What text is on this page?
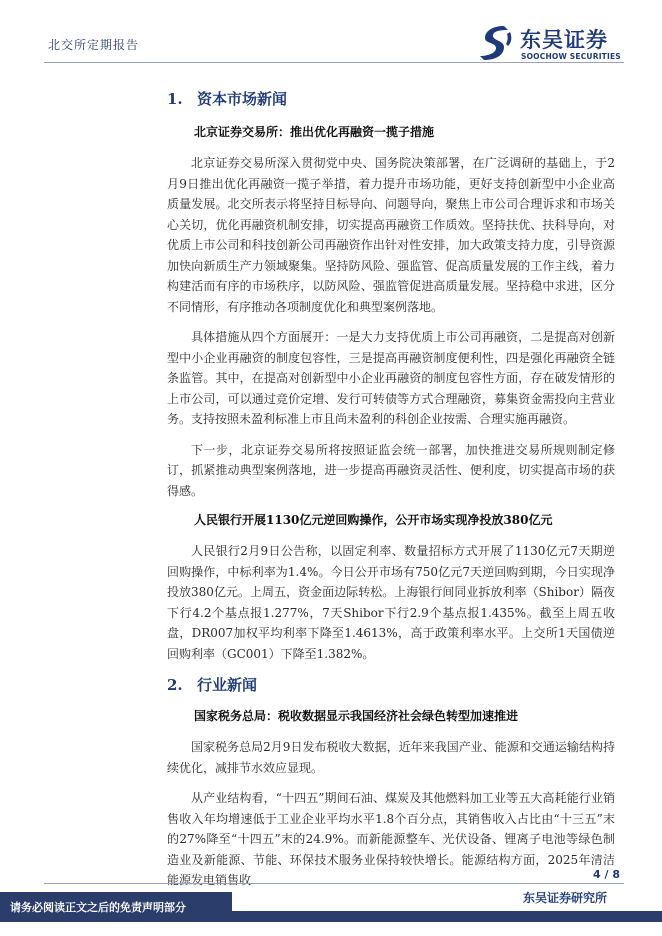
北交所定期报告	东吴证券
SOOCHOW SECURITIES
1. 资本市场新闻
北京证券交易所：推出优化再融资一揽子措施

北京证券交易所深入贯彻党中央、国务院决策部署，在广泛调研的基础上，于2月9日推出优化再融资一揽子举措，着力提升市场功能，更好支持创新型中小企业高质量发展。北交所表示将坚持目标导向、问题导向，聚焦上市公司合理诉求和市场关心关切，优化再融资机制安排，切实提高再融资工作质效。坚持扶优、扶科导向，对优质上市公司和科技创新公司再融资作出针对性安排，加大政策支持力度，引导资源加快向新质生产力领域聚集。坚持防风险、强监管、促高质量发展的工作主线，着力构建活而有序的市场秩序，以防风险、强监管促进高质量发展。坚持稳中求进，区分不同情形，有序推动各项制度优化和典型案例落地。

具体措施从四个方面展开：一是大力支持优质上市公司再融资，二是提高对创新型中小企业再融资的制度包容性，三是提高再融资制度便利性，四是强化再融资全链条监管。其中，在提高对创新型中小企业再融资的制度包容性方面，存在破发情形的上市公司，可以通过竞价定增、发行可转债等方式合理融资，募集资金需投向主营业务。支持按照未盈利标准上市且尚未盈利的科创企业按需、合理实施再融资。

下一步，北京证券交易所将按照证监会统一部署，加快推进交易所规则制定修订，抓紧推动典型案例落地，进一步提高再融资灵活性、便利度，切实提高市场的获得感。

人民银行开展1130亿元逆回购操作，公开市场实现净投放380亿元

人民银行2月9日公告称，以固定利率、数量招标方式开展了1130亿元7天期逆回购操作，中标利率为1.4%。今日公开市场有750亿元7天逆回购到期，今日实现净投放380亿元。上周五，资金面边际转松。上海银行间同业拆放利率（Shibor）隔夜下行4.2个基点报1.277%，7天Shibor下行2.9个基点报1.435%。截至上周五收盘，DR007加权平均利率下降至1.4613%，高于政策利率水平。上交所1天国债逆回购利率（GC001）下降至1.382%。

2. 行业新闻
国家税务总局：税收数据显示我国经济社会绿色转型加速推进

国家税务总局2月9日发布税收大数据，近年来我国产业、能源和交通运输结构持续优化，减排节水效应显现。

从产业结构看，“十四五”期间石油、煤炭及其他燃料加工业等五大高耗能行业销售收入年均增速低于工业企业平均水平1.8个百分点，其销售收入占比由“十三五”末的27%降至“十四五”末的24.9%。而新能源整车、光伏设备、锂离子电池等绿色制造业及新能源、节能、环保技术服务业保持较快增长。能源结构方面，2025年清洁能源发电销售收	4 / 8
请务必阅读正文之后的免责声明部分
东吴证券研究所
